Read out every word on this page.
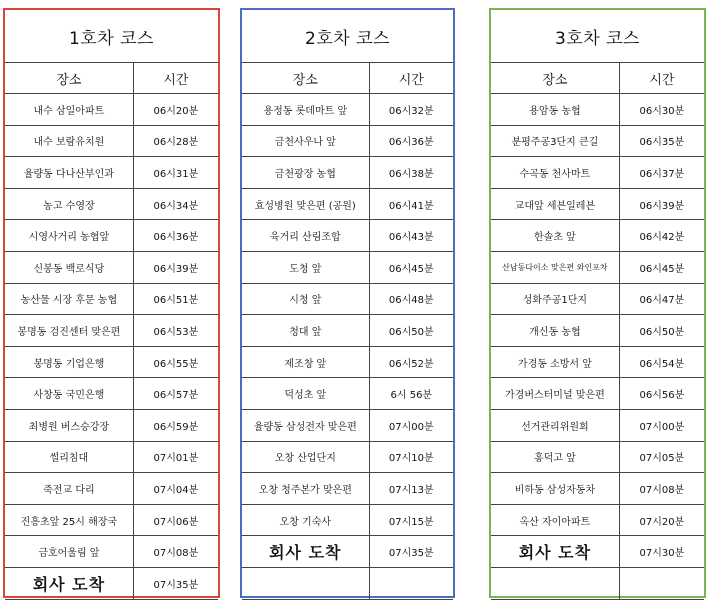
1호차 코스
장소	시간
내수 삼일아파트	06시20분
내수 보람유치원	06시28분
율량동 다나산부인과	06시31분
농고 수영장	06시34분
시영사거리 농협앞	06시36분
신봉동 백로식당	06시39분
농산물 시장 후문 농협	06시51분
봉명동 검진센터 맞은편	06시53분
봉명동 기업은행	06시55분
사창동 국민은행	06시57분
최병원 버스승강장	06시59분
썰리침대	07시01분
죽전교 다리	07시04분
진흥초앞 25시 해장국	07시06분
금호어울림 앞	07시08분
회사 도착	07시35분
2호차 코스
장소	시간
용정동 롯데마트 앞	06시32분
금천사우나 앞	06시36분
금천광장 농협	06시38분
효성병원 맞은편 (공원)	06시41분
육거리 산림조합	06시43분
도청 앞	06시45분
시청 앞	06시48분
청대 앞	06시50분
제조창 앞	06시52분
덕성초 앞	6시 56분
율량동 삼성전자 맞은편	07시00분
오창 산업단지	07시10분
오창 청주본가 맞은편	07시13분
오창 기숙사	07시15분
회사 도착	07시35분

3호차 코스
장소	시간
용암동 농협	06시30분
분평주공3단지 큰길	06시35분
수곡동 천사마트	06시37분
교대앞 세븐일레븐	06시39분
한솔초 앞	06시42분
산남동다이소 맞은편 와인포차	06시45분
성화주공1단지	06시47분
개신동 농협	06시50분
가경동 소방서 앞	06시54분
가경버스터미널 맞은편	06시56분
선거관리위원회	07시00분
홍덕고 앞	07시05분
비하동 삼성자동차	07시08분
옥산 자이아파트	07시20분
회사 도착	07시30분
